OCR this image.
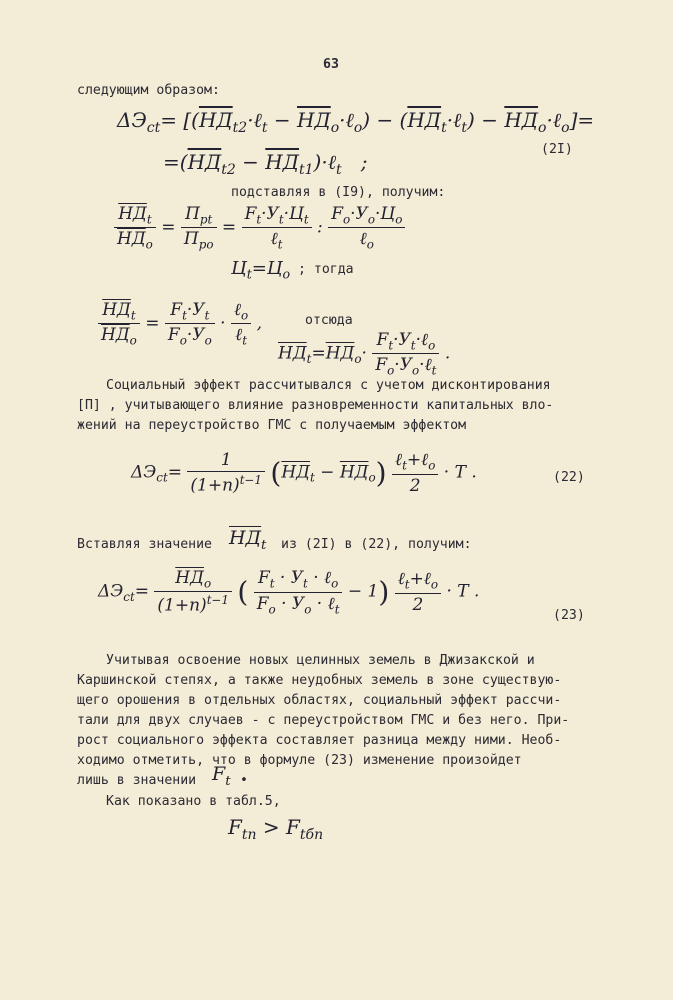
63
следующим образом:
$\Delta Э_{ct}=$ [($НД_{t2}\cdot\ell_t$ − $НД_o\cdot\ell_o$) − $(НД_t\cdot\ell_t)$ − $НД_o\cdot\ell_o]=$
$=(НД_{t2}$ − $НД_{t1})\cdot\ell_t$   ;
(2I)
подставляя в (I9), получим:
$\frac{НД_t}{НД_o} = \frac{П_{pt}}{П_{po}} = \frac{F_t\cdot У_t\cdot Ц_t}{\ell_t}$ : $\frac{F_o\cdot У_o\cdot Ц_o}{\ell_o}$
$Ц_t=Ц_o$ ; тогда
$\frac{НД_t}{НД_o} = \frac{F_t\cdot У_t}{F_o\cdot У_o} \cdot \frac{\ell_o}{\ell_t}$ ,	отсюда
$НД_t=НД_o\cdot \frac{F_t\cdot У_t\cdot\ell_o}{F_o\cdot У_o\cdot\ell_t}$ .
Социальный эффект рассчитывался с учетом дисконтирования
[П] , учитывающего влияние разновременности капитальных вло-
жений на переустройство ГМС с получаемым эффектом
$\Delta Э_{ct}= \frac{1}{(1+n)^{t-1}} (НД_t - НД_o) \frac{\ell_t+\ell_o}{2} \cdot T$ .	(22)
Вставляя значение $НД_t$ из (2I) в (22), получим:
$\Delta Э_{ct}= \frac{НД_o}{(1+n)^{t-1}}$ ( $\frac{F_t \cdot У_t \cdot \ell_o}{F_o \cdot У_o \cdot \ell_t} - 1) \frac{\ell_t+\ell_o}{2} \cdot T$ .
(23)
Учитывая освоение новых целинных земель в Джизакской и
Каршинской степях, а также неудобных земель в зоне существую-
щего орошения в отдельных областях, социальный эффект рассчи-
тали для двух случаев - с переустройством ГМС и без него. При-
рост социального эффекта составляет разница между ними. Необ-
ходимо отметить, что в формуле (23) изменение произойдет
лишь в значении $F_t$ •
Как показано в табл.5,
$F_{tn} > F_{tбп}$
